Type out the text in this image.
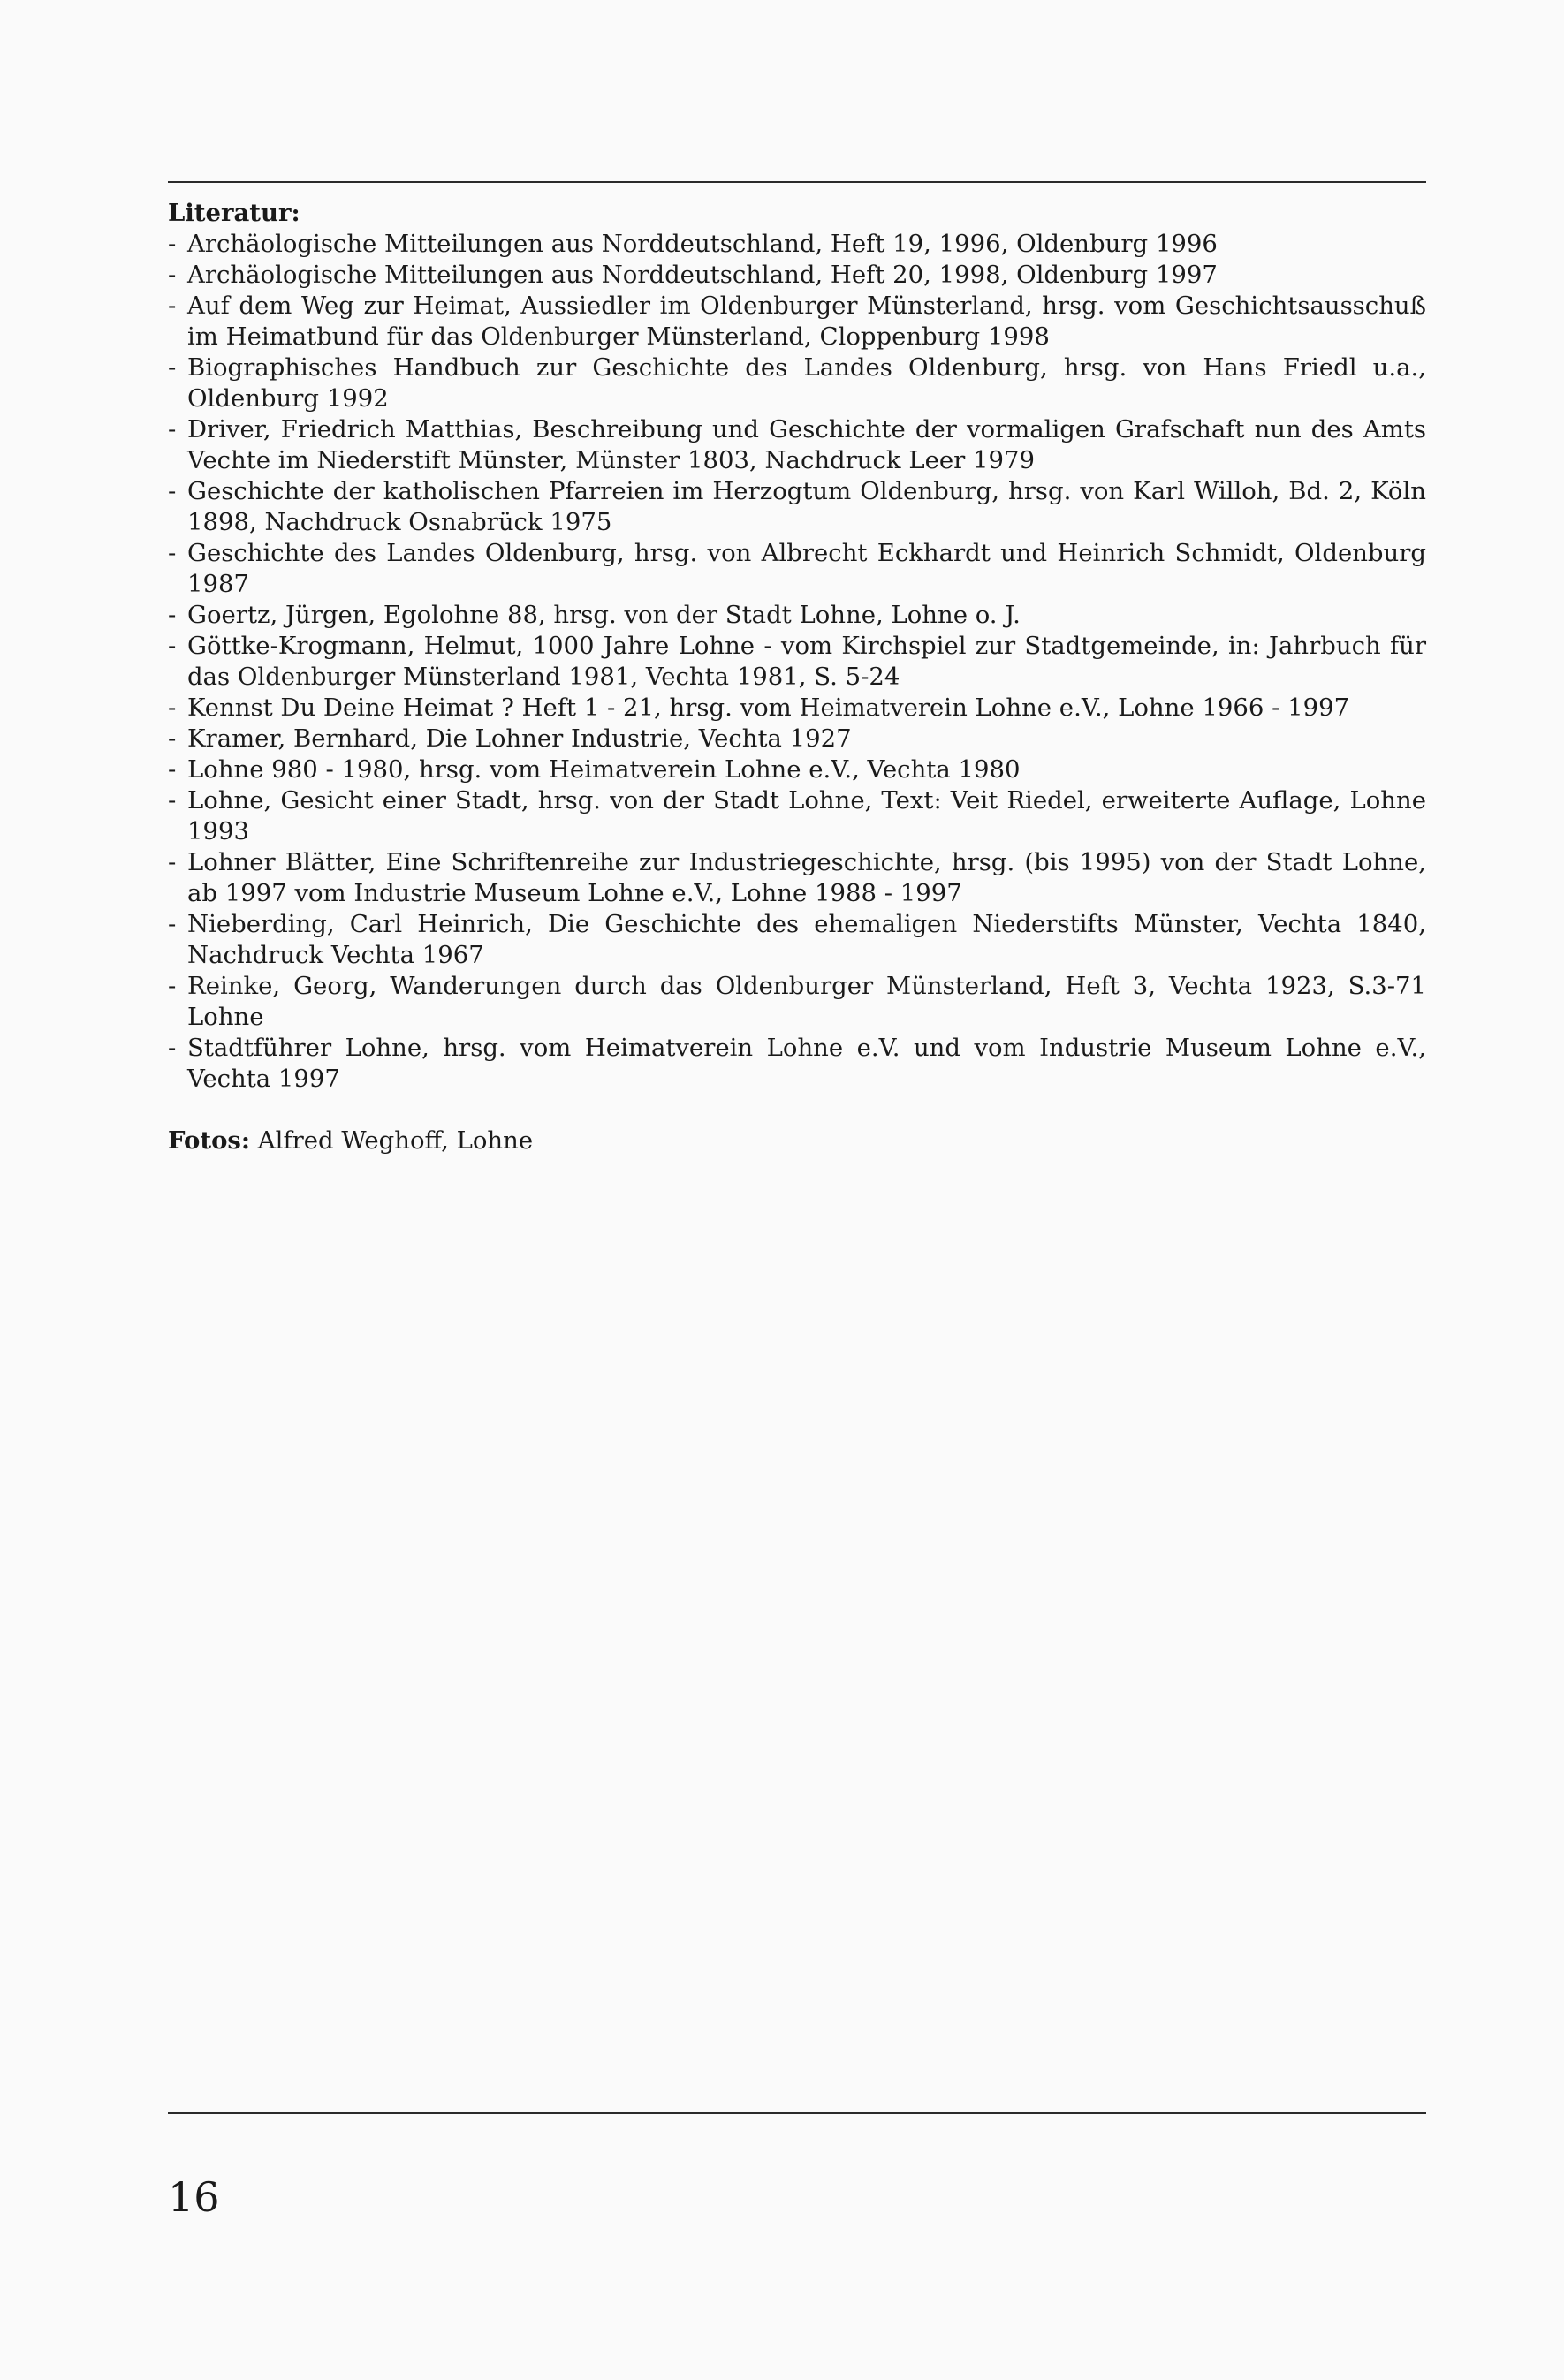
Literatur:

- Archäologische Mitteilungen aus Norddeutschland, Heft 19, 1996, Oldenburg 1996
- Archäologische Mitteilungen aus Norddeutschland, Heft 20, 1998, Oldenburg 1997
- Auf dem Weg zur Heimat, Aussiedler im Oldenburger Münsterland, hrsg. vom Geschichtsausschuß im Heimatbund für das Oldenburger Münsterland, Cloppenburg 1998
- Biographisches Handbuch zur Geschichte des Landes Oldenburg, hrsg. von Hans Friedl u.a., Oldenburg 1992
- Driver, Friedrich Matthias, Beschreibung und Geschichte der vormaligen Grafschaft nun des Amts Vechte im Niederstift Münster, Münster 1803, Nachdruck Leer 1979
- Geschichte der katholischen Pfarreien im Herzogtum Oldenburg, hrsg. von Karl Willoh, Bd. 2, Köln 1898, Nachdruck Osnabrück 1975
- Geschichte des Landes Oldenburg, hrsg. von Albrecht Eckhardt und Heinrich Schmidt, Oldenburg 1987
- Goertz, Jürgen, Egolohne 88, hrsg. von der Stadt Lohne, Lohne o. J.
- Göttke-Krogmann, Helmut, 1000 Jahre Lohne - vom Kirchspiel zur Stadtgemeinde, in: Jahrbuch für das Oldenburger Münsterland 1981, Vechta 1981, S. 5-24
- Kennst Du Deine Heimat ? Heft 1 - 21, hrsg. vom Heimatverein Lohne e.V., Lohne 1966 - 1997
- Kramer, Bernhard, Die Lohner Industrie, Vechta 1927
- Lohne 980 - 1980, hrsg. vom Heimatverein Lohne e.V., Vechta 1980
- Lohne, Gesicht einer Stadt, hrsg. von der Stadt Lohne, Text: Veit Riedel, erweiterte Auflage, Lohne 1993
- Lohner Blätter, Eine Schriftenreihe zur Industriegeschichte, hrsg. (bis 1995) von der Stadt Lohne, ab 1997 vom Industrie Museum Lohne e.V., Lohne 1988 - 1997
- Nieberding, Carl Heinrich, Die Geschichte des ehemaligen Niederstifts Münster, Vechta 1840, Nachdruck Vechta 1967
- Reinke, Georg, Wanderungen durch das Oldenburger Münsterland, Heft 3, Vechta 1923, S.3-71 Lohne
- Stadtführer Lohne, hrsg. vom Heimatverein Lohne e.V. und vom Industrie Museum Lohne e.V., Vechta 1997

Fotos: Alfred Weghoff, Lohne

16
